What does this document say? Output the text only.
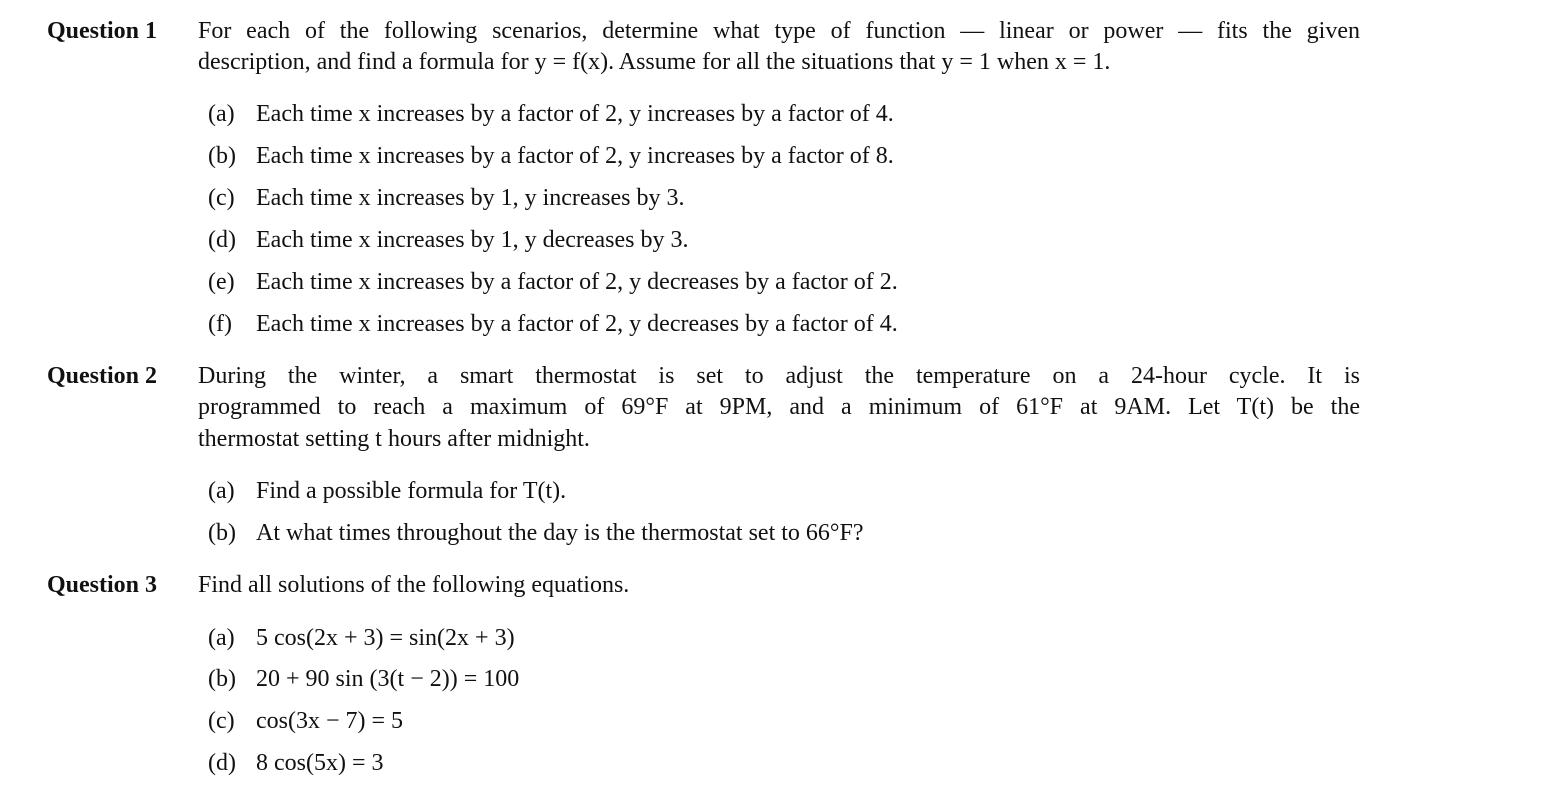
Question 1 For each of the following scenarios, determine what type of function — linear or power — fits the given
description, and find a formula for y = f(x). Assume for all the situations that y = 1 when x = 1.
(a) Each time x increases by a factor of 2, y increases by a factor of 4.
(b) Each time x increases by a factor of 2, y increases by a factor of 8.
(c) Each time x increases by 1, y increases by 3.
(d) Each time x increases by 1, y decreases by 3.
(e) Each time x increases by a factor of 2, y decreases by a factor of 2.
(f) Each time x increases by a factor of 2, y decreases by a factor of 4.
Question 2 During the winter, a smart thermostat is set to adjust the temperature on a 24-hour cycle. It is
programmed to reach a maximum of 69°F at 9PM, and a minimum of 61°F at 9AM. Let T(t) be the
thermostat setting t hours after midnight.
(a) Find a possible formula for T(t).
(b) At what times throughout the day is the thermostat set to 66°F?
Question 3 Find all solutions of the following equations.
(a) 5 cos(2x + 3) = sin(2x + 3)
(b) 20 + 90 sin (3(t − 2)) = 100
(c) cos(3x − 7) = 5
(d) 8 cos(5x) = 3
